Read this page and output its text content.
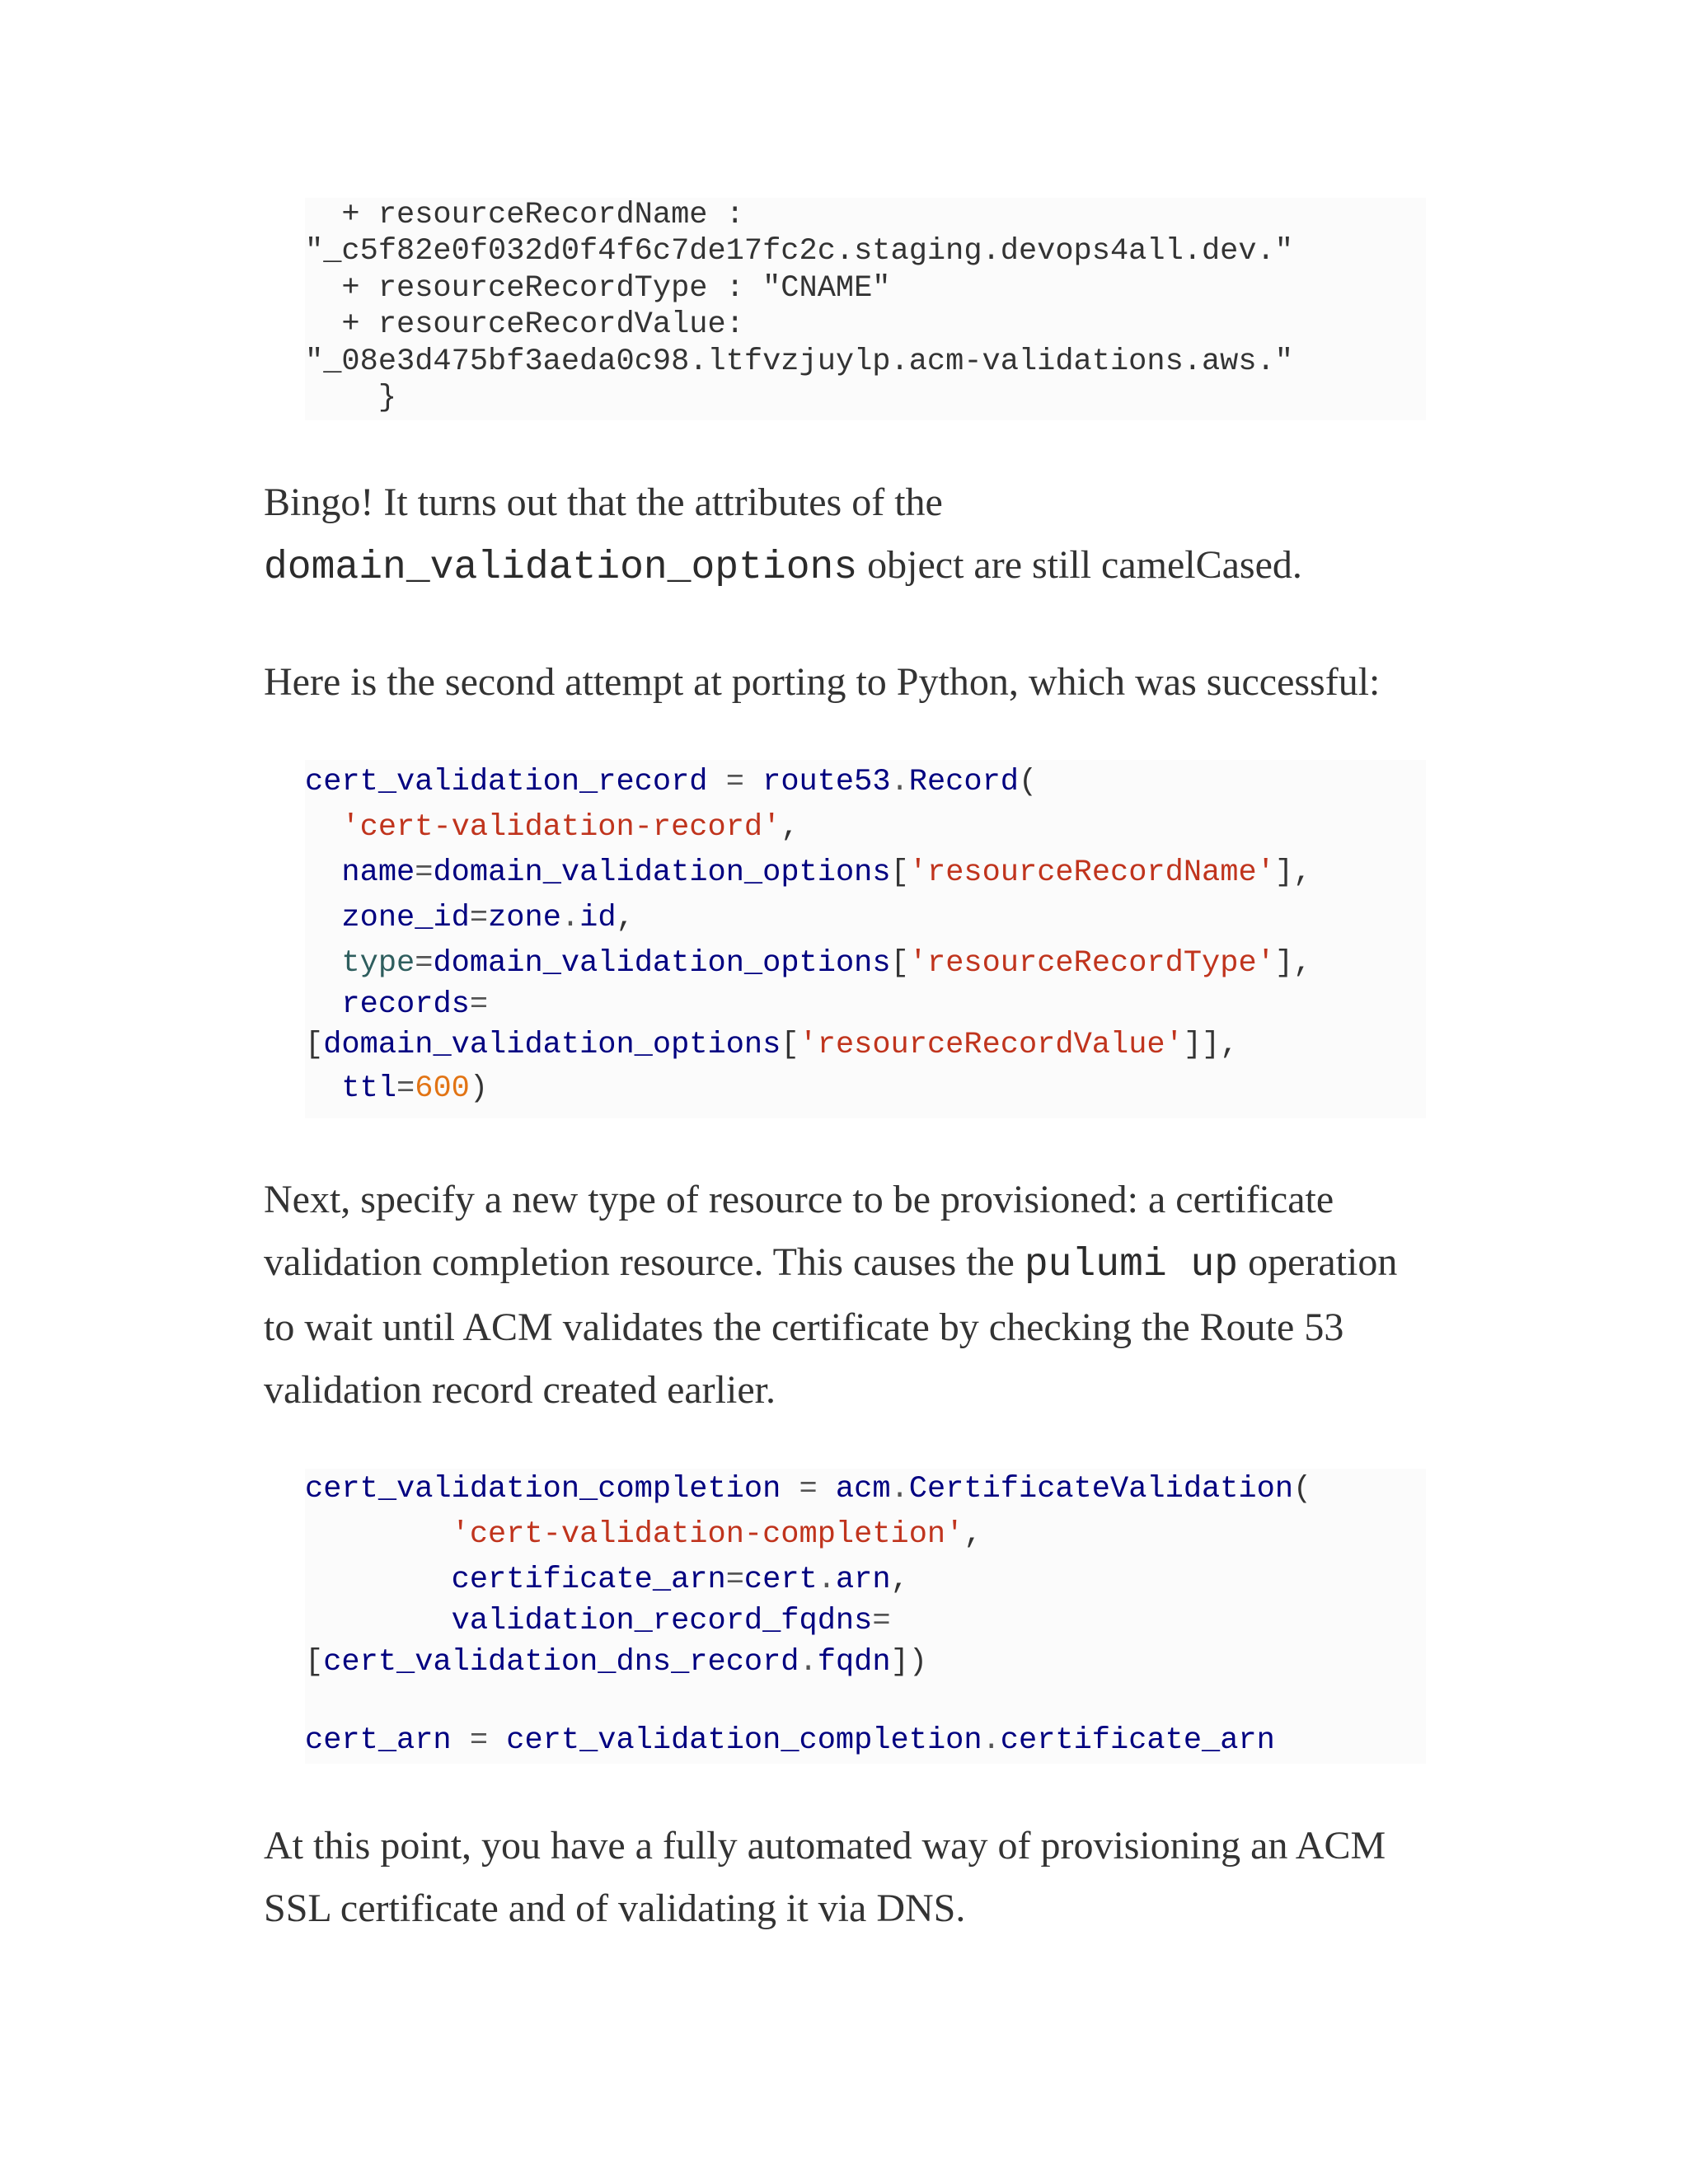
+ resourceRecordName :

"_c5f82e0f032d0f4f6c7de17fc2c.staging.devops4all.dev."

+ resourceRecordType : "CNAME"

+ resourceRecordValue:

"_08e3d475bf3aeda0c98.ltfvzjuylp.acm-validations.aws."

}

Bingo! It turns out that the attributes of the
domain_validation_options object are still camelCased.

Here is the second attempt at porting to Python, which was successful:

cert_validation_record = route53.Record(

'cert-validation-record',

name=domain_validation_options['resourceRecordName'],

zone_id=zone.id,

type=domain_validation_options['resourceRecordType'],

records=

[domain_validation_options['resourceRecordValue']],

ttl=600)

Next, specify a new type of resource to be provisioned: a certificate validation completion resource. This causes the pulumi up operation to wait until ACM validates the certificate by checking the Route 53 validation record created earlier.

cert_validation_completion = acm.CertificateValidation(

'cert-validation-completion',

certificate_arn=cert.arn,

validation_record_fqdns=

[cert_validation_dns_record.fqdn])

cert_arn = cert_validation_completion.certificate_arn

At this point, you have a fully automated way of provisioning an ACM SSL certificate and of validating it via DNS.
